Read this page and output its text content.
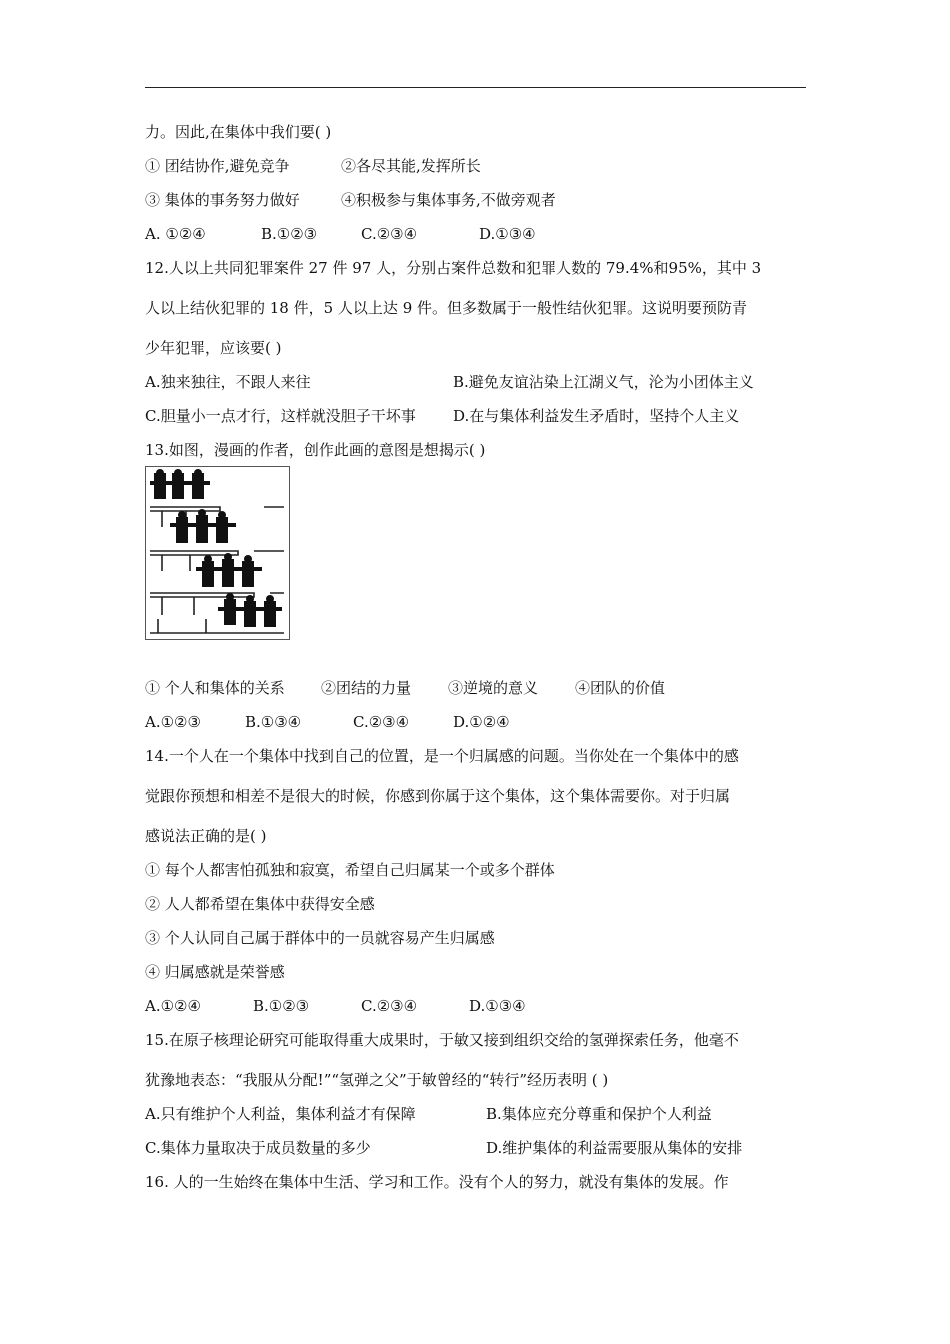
力。因此,在集体中我们要( )
① 团结协作,避免竞争	②各尽其能,发挥所长
③ 集体的事务努力做好	④积极参与集体事务,不做旁观者
A. ①②④	B.①②③	C.②③④	D.①③④
12.人以上共同犯罪案件 27 件 97 人，分别占案件总数和犯罪人数的 79.4%和95%，其中 3
人以上结伙犯罪的 18 件，5 人以上达 9 件。但多数属于一般性结伙犯罪。这说明要预防青
少年犯罪，应该要( )
A.独来独往，不跟人来往	B.避免友谊沾染上江湖义气，沦为小团体主义
C.胆量小一点才行，这样就没胆子干坏事	D.在与集体利益发生矛盾时，坚持个人主义
13.如图，漫画的作者，创作此画的意图是想揭示( )
① 个人和集体的关系	②团结的力量	③逆境的意义	④团队的价值
A.①②③	B.①③④	C.②③④	D.①②④
14.一个人在一个集体中找到自己的位置，是一个归属感的问题。当你处在一个集体中的感
觉跟你预想和相差不是很大的时候，你感到你属于这个集体，这个集体需要你。对于归属
感说法正确的是( )
① 每个人都害怕孤独和寂寞，希望自己归属某一个或多个群体
② 人人都希望在集体中获得安全感
③ 个人认同自己属于群体中的一员就容易产生归属感
④ 归属感就是荣誉感
A.①②④	B.①②③	C.②③④	D.①③④
15.在原子核理论研究可能取得重大成果时，于敏又接到组织交给的氢弹探索任务，他毫不
犹豫地表态：“我服从分配!”“氢弹之父”于敏曾经的“转行”经历表明 ( )
A.只有维护个人利益，集体利益才有保障	B.集体应充分尊重和保护个人利益
C.集体力量取决于成员数量的多少	D.维护集体的利益需要服从集体的安排
16. 人的一生始终在集体中生活、学习和工作。没有个人的努力，就没有集体的发展。作
